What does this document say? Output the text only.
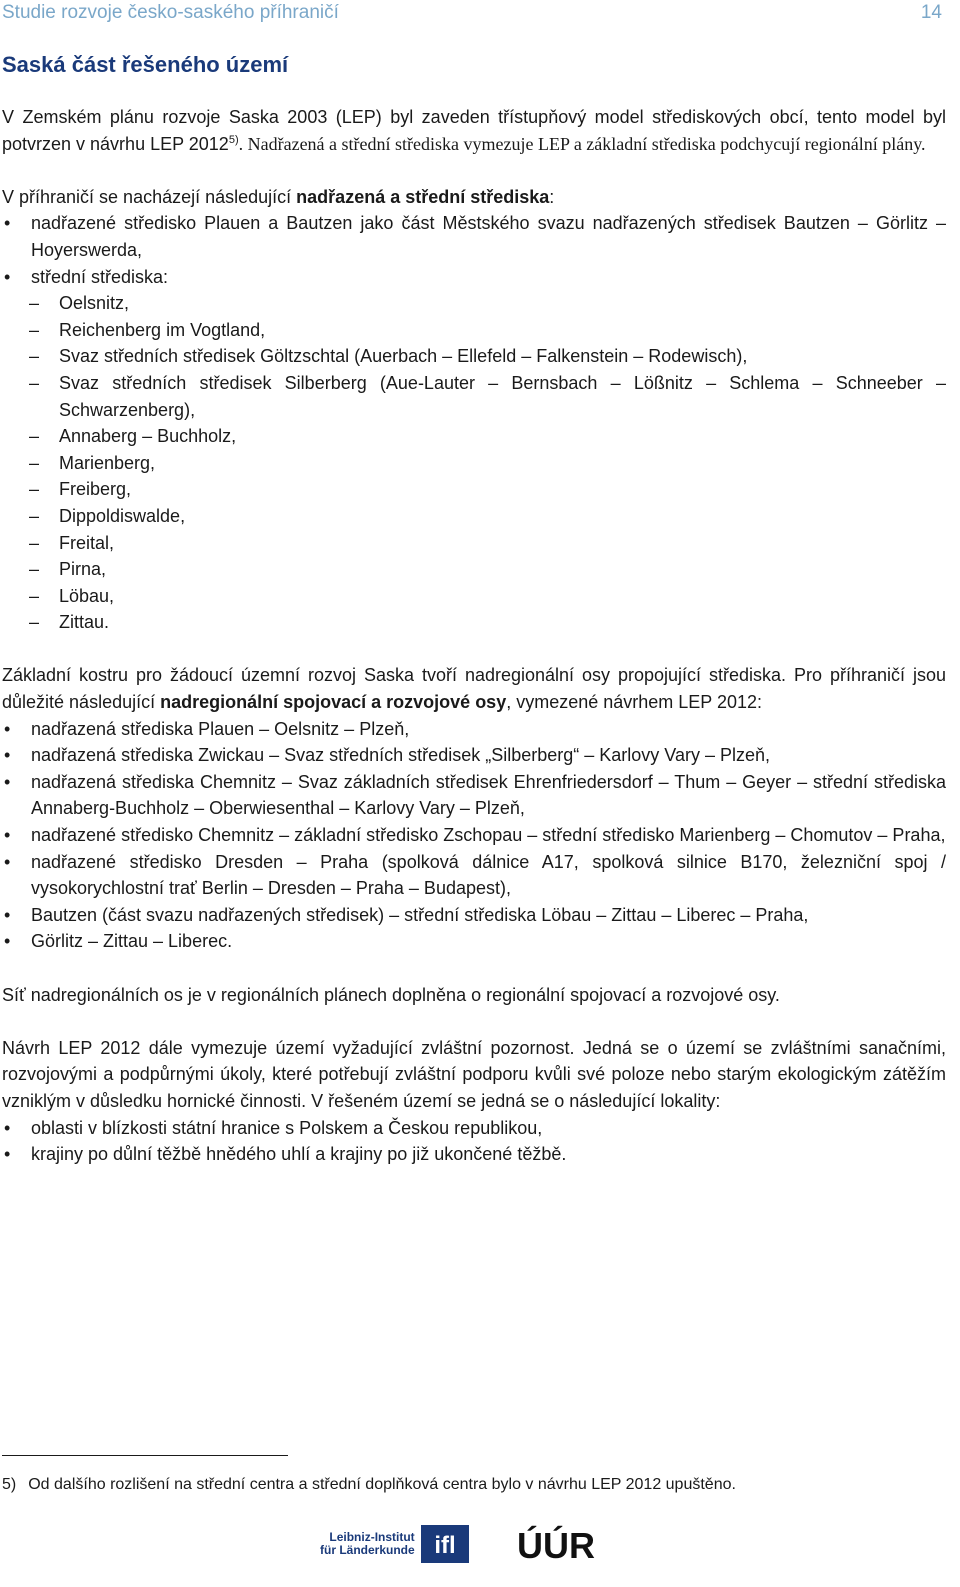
Studie rozvoje česko-saského příhraničí	14
Saská část řešeného území

V Zemském plánu rozvoje Saska 2003 (LEP) byl zaveden třístupňový model střediskových obcí, tento model byl potvrzen v návrhu LEP 2012$^{5)}$. Nadřazená a střední střediska vymezuje LEP a základní střediska podchycují regionální plány.

V příhraničí se nacházejí následující nadřazená a střední střediska:

• nadřazené středisko Plauen a Bautzen jako část Městského svazu nadřazených středisek Bautzen – Görlitz – Hoyerswerda,
• střední střediska:
– Oelsnitz,
– Reichenberg im Vogtland,
– Svaz středních středisek Göltzschtal (Auerbach – Ellefeld – Falkenstein – Rodewisch),
– Svaz středních středisek Silberberg (Aue-Lauter – Bernsbach – Lößnitz – Schlema – Schneeber – Schwarzenberg),
– Annaberg – Buchholz,
– Marienberg,
– Freiberg,
– Dippoldiswalde,
– Freital,
– Pirna,
– Löbau,
– Zittau.

Základní kostru pro žádoucí územní rozvoj Saska tvoří nadregionální osy propojující střediska. Pro příhraničí jsou důležité následující nadregionální spojovací a rozvojové osy, vymezené návrhem LEP 2012:

• nadřazená střediska Plauen – Oelsnitz – Plzeň,
• nadřazená střediska Zwickau – Svaz středních středisek „Silberberg“ – Karlovy Vary – Plzeň,
• nadřazená střediska Chemnitz – Svaz základních středisek Ehrenfriedersdorf – Thum – Geyer – střední střediska Annaberg-Buchholz – Oberwiesenthal – Karlovy Vary – Plzeň,
• nadřazené středisko Chemnitz – základní středisko Zschopau – střední středisko Marienberg – Chomutov – Praha,
• nadřazené středisko Dresden – Praha (spolková dálnice A17, spolková silnice B170, železniční spoj / vysokorychlostní trať Berlin – Dresden – Praha – Budapest),
• Bautzen (část svazu nadřazených středisek) – střední střediska Löbau – Zittau – Liberec – Praha,
• Görlitz – Zittau – Liberec.

Síť nadregionálních os je v regionálních plánech doplněna o regionální spojovací a rozvojové osy.

Návrh LEP 2012 dále vymezuje území vyžadující zvláštní pozornost. Jedná se o území se zvláštními sanačními, rozvojovými a podpůrnými úkoly, které potřebují zvláštní podporu kvůli své poloze nebo starým ekologickým zátěžím vzniklým v důsledku hornické činnosti. V řešeném území se jedná se o následující lokality:

• oblasti v blízkosti státní hranice s Polskem a Českou republikou,
• krajiny po důlní těžbě hnědého uhlí a krajiny po již ukončené těžbě.
5) Od dalšího rozlišení na střední centra a střední doplňková centra bylo v návrhu LEP 2012 upuštěno.
Leibniz-Institut
für Länderkunde ifl ÚÚR
